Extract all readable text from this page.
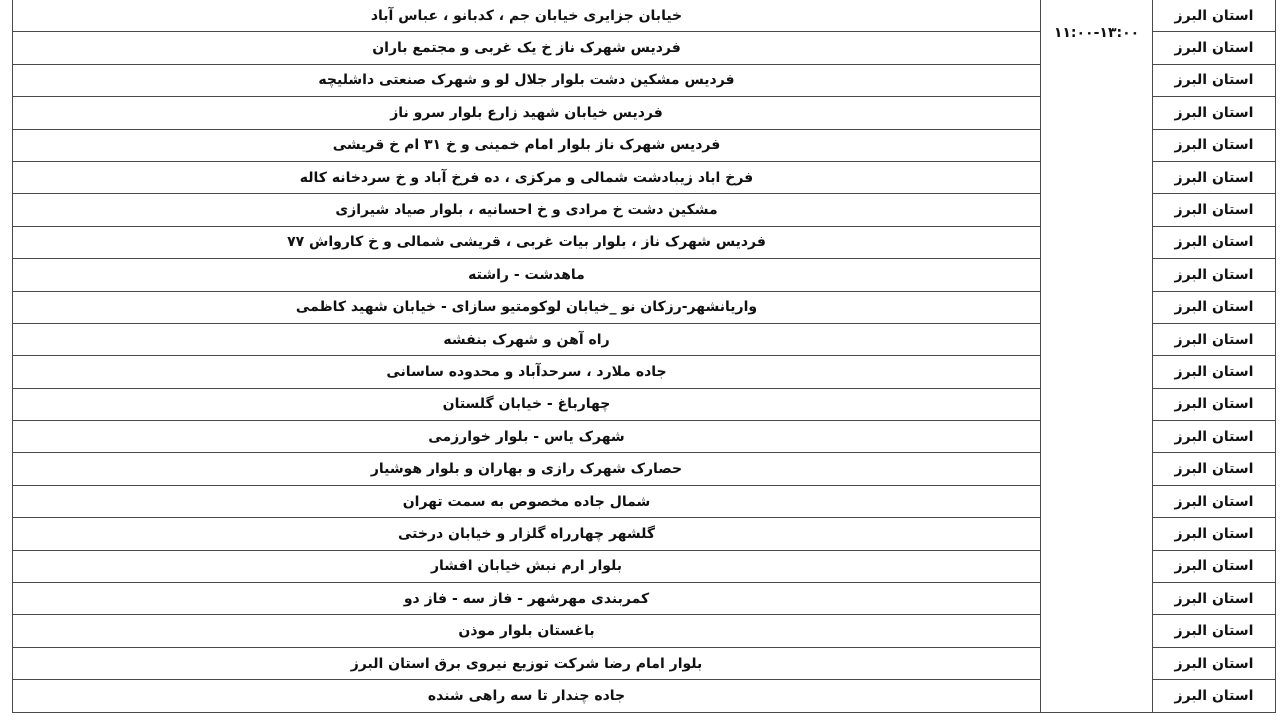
استان البرز	۱۱:۰۰-۱۳:۰۰	خیابان جزایری خیابان جم ، کدبانو ، عباس آباد
استان البرز		فردیس شهرک ناز خ یک غربی و مجتمع باران
استان البرز		فردیس مشکین دشت بلوار جلال لو و شهرک صنعتی داشلیچه
استان البرز		فردیس خیابان شهید زارع بلوار سرو ناز
استان البرز		فردیس شهرک ناز بلوار امام خمینی و خ ۳۱ ام خ قریشی
استان البرز		فرخ اباد زیبادشت شمالی و مرکزی ، ده فرخ آباد و خ سردخانه کاله
استان البرز		مشکین دشت خ مرادی و خ احسانیه ، بلوار صیاد شیرازی
استان البرز		فردیس شهرک ناز ، بلوار بیات غربی ، قریشی شمالی و خ کارواش ۷۷
استان البرز		ماهدشت - راشته
استان البرز		واریانشهر-رزکان نو _خیابان لوکومتیو سازای - خیابان شهید کاظمی
استان البرز		راه آهن و شهرک بنفشه
استان البرز		جاده ملارد ، سرحدآباد و محدوده ساسانی
استان البرز		چهارباغ - خیابان گلستان
استان البرز		شهرک یاس - بلوار خوارزمی
استان البرز		حصارک شهرک رازی و بهاران و بلوار هوشیار
استان البرز		شمال جاده مخصوص به سمت تهران
استان البرز		گلشهر چهارراه گلزار و خیابان درختی
استان البرز		بلوار ارم نبش خیابان افشار
استان البرز		کمربندی مهرشهر - فاز سه - فاز دو
استان البرز		باغستان بلوار موذن
استان البرز		بلوار امام رضا شرکت توزیع نیروی برق استان البرز
استان البرز		جاده چندار تا سه راهی شنده
